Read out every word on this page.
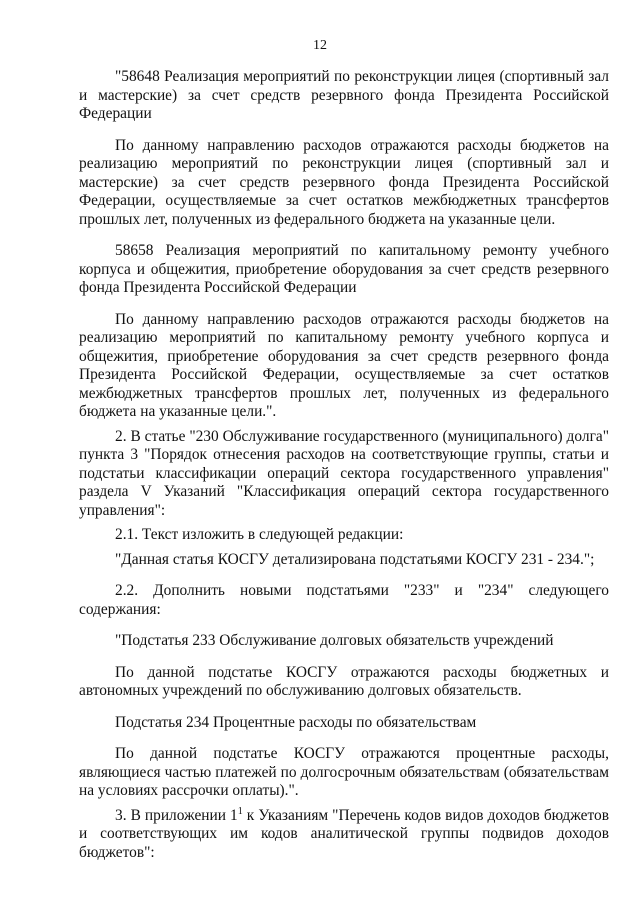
12

"58648 Реализация мероприятий по реконструкции лицея (спортивный зал и мастерские) за счет средств резервного фонда Президента Российской Федерации

По данному направлению расходов отражаются расходы бюджетов на реализацию мероприятий по реконструкции лицея (спортивный зал и мастерские) за счет средств резервного фонда Президента Российской Федерации, осуществляемые за счет остатков межбюджетных трансфертов прошлых лет, полученных из федерального бюджета на указанные цели.

58658 Реализация мероприятий по капитальному ремонту учебного корпуса и общежития, приобретение оборудования за счет средств резервного фонда Президента Российской Федерации

По данному направлению расходов отражаются расходы бюджетов на реализацию мероприятий по капитальному ремонту учебного корпуса и общежития, приобретение оборудования за счет средств резервного фонда Президента Российской Федерации, осуществляемые за счет остатков межбюджетных трансфертов прошлых лет, полученных из федерального бюджета на указанные цели.".

2. В статье "230 Обслуживание государственного (муниципального) долга" пункта 3 "Порядок отнесения расходов на соответствующие группы, статьи и подстатьи классификации операций сектора государственного управления" раздела V Указаний "Классификация операций сектора государственного управления":

2.1. Текст изложить в следующей редакции:

"Данная статья КОСГУ детализирована подстатьями КОСГУ 231 - 234.";

2.2. Дополнить новыми подстатьями "233" и "234" следующего содержания:

"Подстатья 233 Обслуживание долговых обязательств учреждений

По данной подстатье КОСГУ отражаются расходы бюджетных и автономных учреждений по обслуживанию долговых обязательств.

Подстатья 234 Процентные расходы по обязательствам

По данной подстатье КОСГУ отражаются процентные расходы, являющиеся частью платежей по долгосрочным обязательствам (обязательствам на условиях рассрочки оплаты).".

3. В приложении $1^1$ к Указаниям "Перечень кодов видов доходов бюджетов и соответствующих им кодов аналитической группы подвидов доходов бюджетов":
